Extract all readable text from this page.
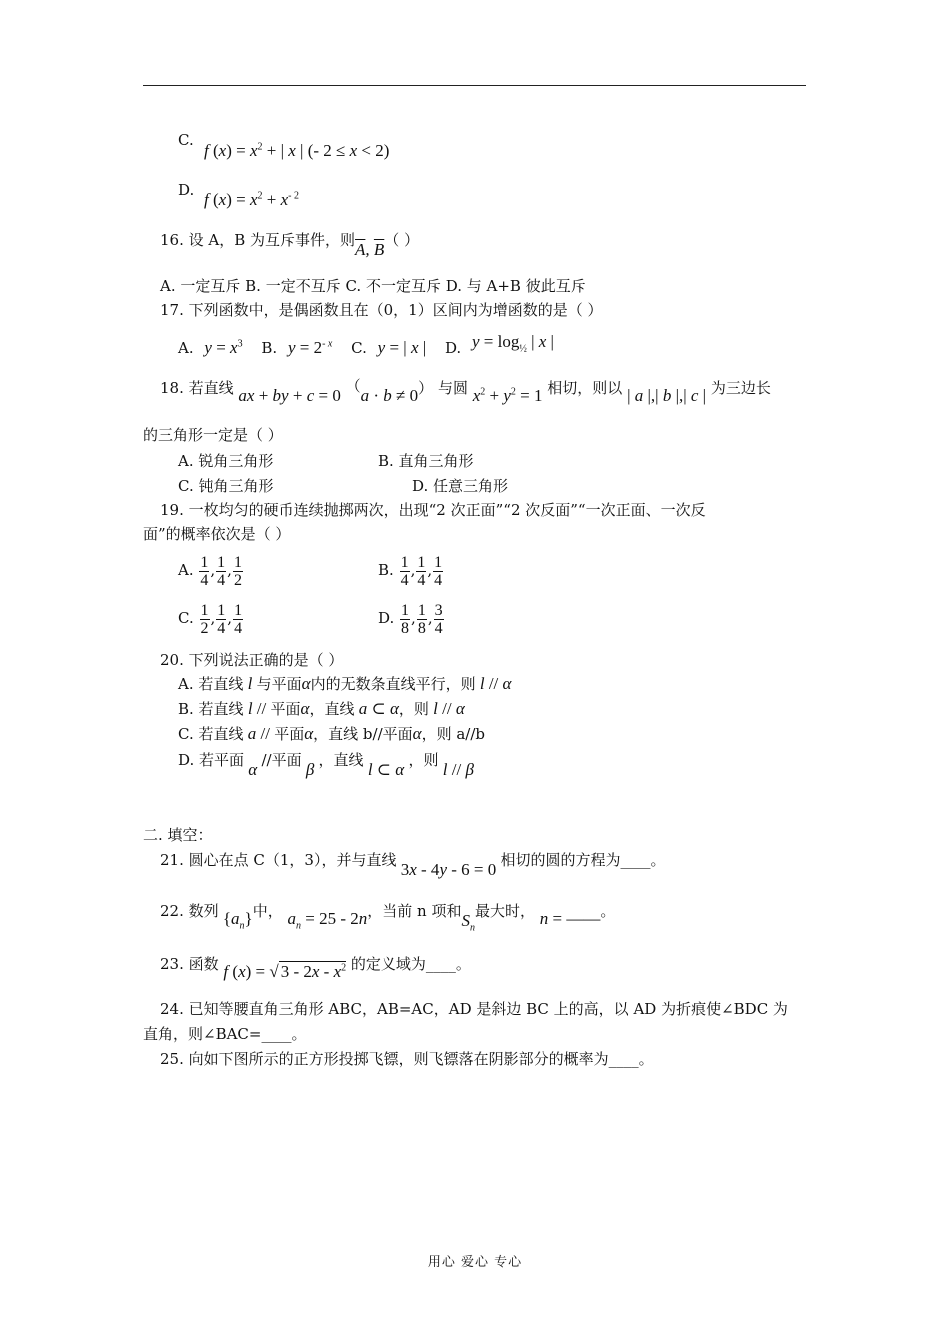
C.
f $(x) = x^2$ + | x | (- 2 ≤ x < 2)
D. f $(x) = x^2 + x^{- 2}$
16. 设 A，B 为互斥事件，则$\overline{A}$, $\overline{B}$（ ）
A. 一定互斥 B. 一定不互斥 C. 不一定互斥 D. 与 A+B 彼此互斥
17. 下列函数中，是偶函数且在（0，1）区间内为增函数的是（ ）
A. $y = x^3$ B. $y = 2^{- x}$ C. y = | x | D. $y = \log_{\frac{1}{2}}$ | x |
18. 若直线 ax + by + c = 0 （a · b ≠ 0） 与圆 $x^2 + y^2 = 1$ 相切，则以 | a |,| b |,| c | 为三边长
的三角形一定是（ ）
A. 锐角三角形	B. 直角三角形
C. 钝角三角形	D. 任意三角形
19. 一枚均匀的硬币连续抛掷两次，出现“2 次正面”“2 次反面”“一次正面、一次反
面”的概率依次是（ ）
A. $\frac{1}{4}$ , $\frac{1}{4}$ , $\frac{1}{2}$	B. $\frac{1}{4}$ , $\frac{1}{4}$ , $\frac{1}{4}$
C. $\frac{1}{2}$ , $\frac{1}{4}$ , $\frac{1}{4}$	D. $\frac{1}{8}$ , $\frac{1}{8}$ , $\frac{3}{4}$
20. 下列说法正确的是（ ）
A. 若直线 l 与平面α内的无数条直线平行，则 l // α
B. 若直线 l // 平面α，直线 a ⊂ α，则 l // α
C. 若直线 a // 平面α，直线 b//平面α，则 a//b
D. 若平面 α //平面 β ，直线 l ⊂ α ，则 l // β
二. 填空：
21. 圆心在点 C（1，3），并与直线 3x - 4y - 6 = 0 相切的圆的方程为____。
22. 数列 $\{a_n\}$中， $a_n = 25 - 2n$，当前 n 项和$S_n$最大时， n = ——。
23. 函数 f (x) = √ $3 - 2x - x^2$ 的定义域为____。
24. 已知等腰直角三角形 ABC，AB=AC，AD 是斜边 BC 上的高，以 AD 为折痕使∠BDC 为
直角，则∠BAC=____。
25. 向如下图所示的正方形投掷飞镖，则飞镖落在阴影部分的概率为____。
用心 爱心 专心
